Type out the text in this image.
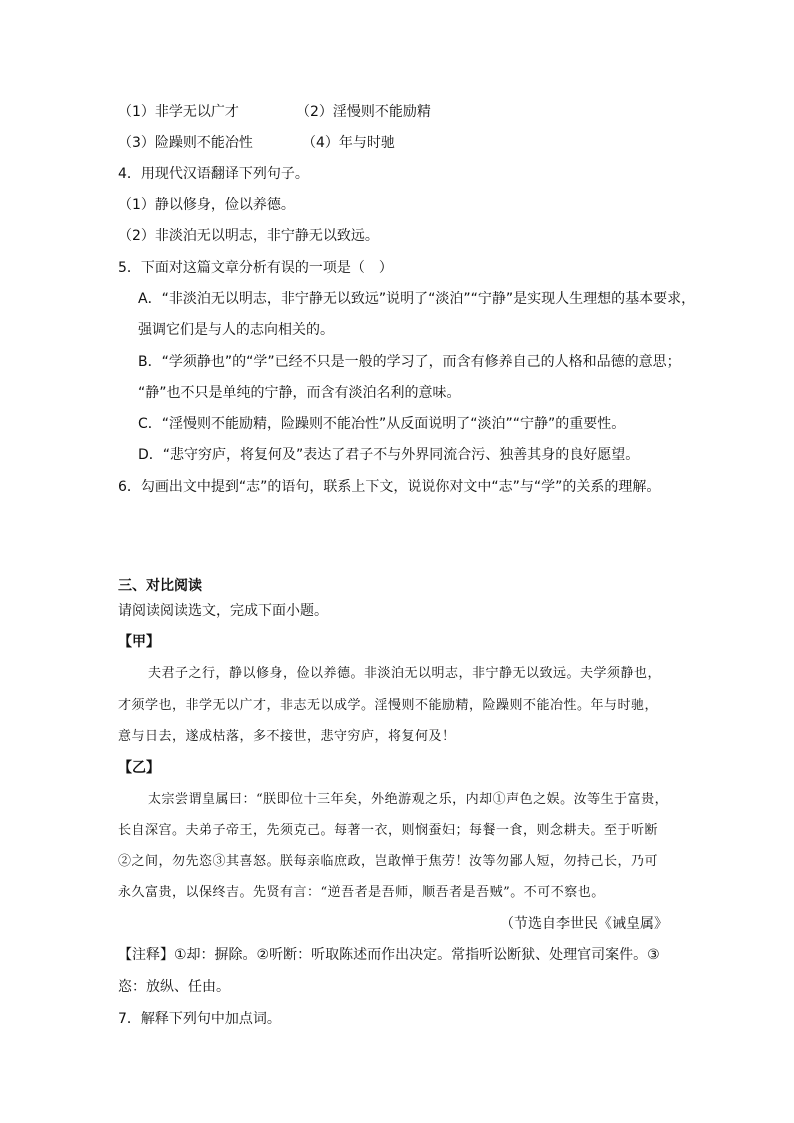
（1）非学无以广才	（2）淫慢则不能励精
（3）险躁则不能冶性	（4）年与时驰
4．用现代汉语翻译下列句子。
（1）静以修身，俭以养德。
（2）非淡泊无以明志，非宁静无以致远。
5．下面对这篇文章分析有误的一项是（　）
A．“非淡泊无以明志，非宁静无以致远”说明了“淡泊”“宁静”是实现人生理想的基本要求，
强调它们是与人的志向相关的。
B．“学须静也”的“学”已经不只是一般的学习了，而含有修养自己的人格和品德的意思；
“静”也不只是单纯的宁静，而含有淡泊名利的意味。
C．“淫慢则不能励精，险躁则不能冶性”从反面说明了“淡泊”“宁静”的重要性。
D．“悲守穷庐，将复何及”表达了君子不与外界同流合污、独善其身的良好愿望。
6．勾画出文中提到“志”的语句，联系上下文，说说你对文中“志”与“学”的关系的理解。
三、对比阅读
请阅读阅读选文，完成下面小题。
【甲】
夫君子之行，静以修身，俭以养德。非淡泊无以明志，非宁静无以致远。夫学须静也，
才须学也，非学无以广才，非志无以成学。淫慢则不能励精，险躁则不能冶性。年与时驰，
意与日去，遂成枯落，多不接世，悲守穷庐，将复何及！
【乙】
太宗尝谓皇属曰：“朕即位十三年矣，外绝游观之乐，内却①声色之娱。汝等生于富贵，
长自深宫。夫弟子帝王，先须克己。每著一衣，则悯蚕妇；每餐一食，则念耕夫。至于听断
②之间，勿先恣③其喜怒。朕每亲临庶政，岂敢惮于焦劳！汝等勿鄙人短，勿持己长，乃可
永久富贵，以保终吉。先贤有言：“逆吾者是吾师，顺吾者是吾贼”。不可不察也。
（节选自李世民《诫皇属》
【注释】①却：摒除。②听断：听取陈述而作出决定。常指听讼断狱、处理官司案件。③
恣：放纵、任由。
7．解释下列句中加点词。
